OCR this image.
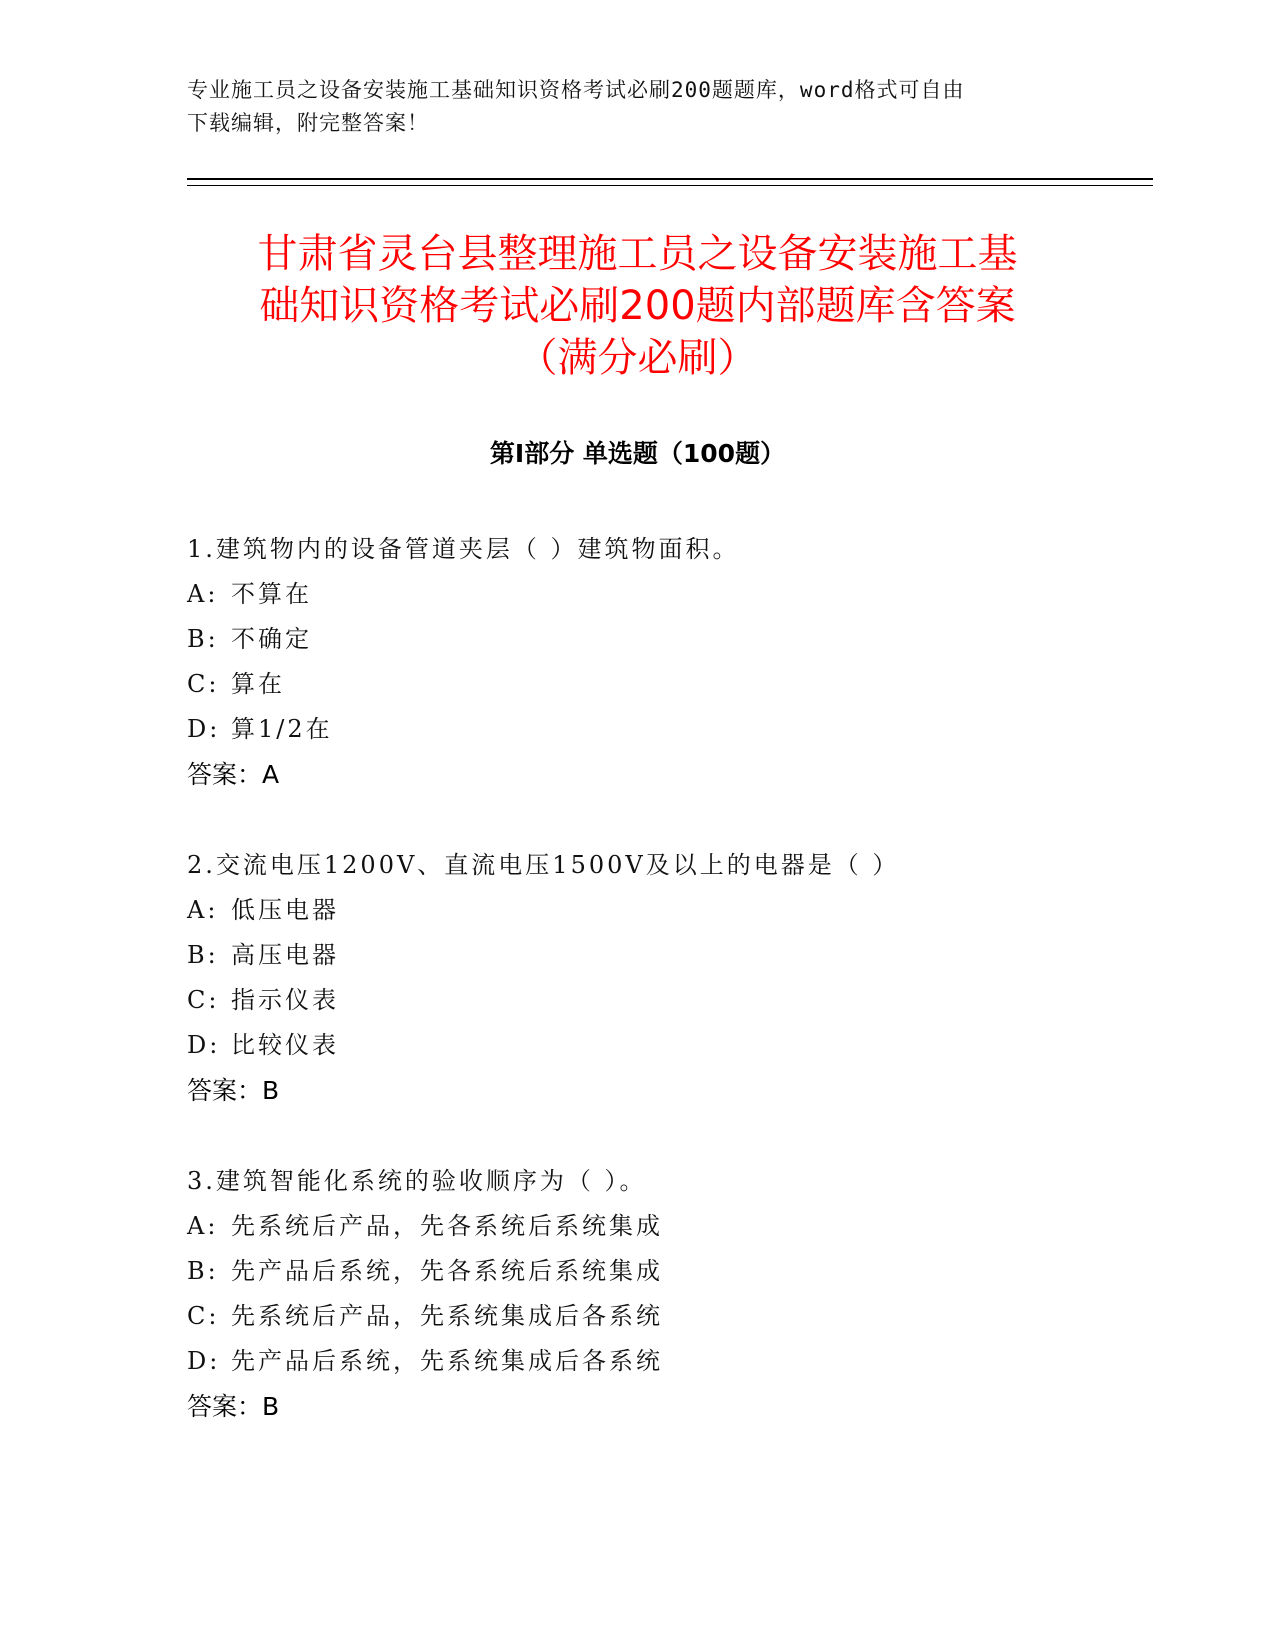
专业施工员之设备安装施工基础知识资格考试必刷200题题库，word格式可自由
下载编辑，附完整答案！
甘肃省灵台县整理施工员之设备安装施工基
础知识资格考试必刷200题内部题库含答案
（满分必刷）
第Ⅰ部分 单选题（100题）
1.建筑物内的设备管道夹层（ ）建筑物面积。
A: 不算在
B: 不确定
C: 算在
D: 算1/2在
答案：A
2.交流电压1200V、直流电压1500V及以上的电器是（ ）
A: 低压电器
B: 高压电器
C: 指示仪表
D: 比较仪表
答案：B
3.建筑智能化系统的验收顺序为（ ）。
A: 先系统后产品，先各系统后系统集成
B: 先产品后系统，先各系统后系统集成
C: 先系统后产品，先系统集成后各系统
D: 先产品后系统，先系统集成后各系统
答案：B
